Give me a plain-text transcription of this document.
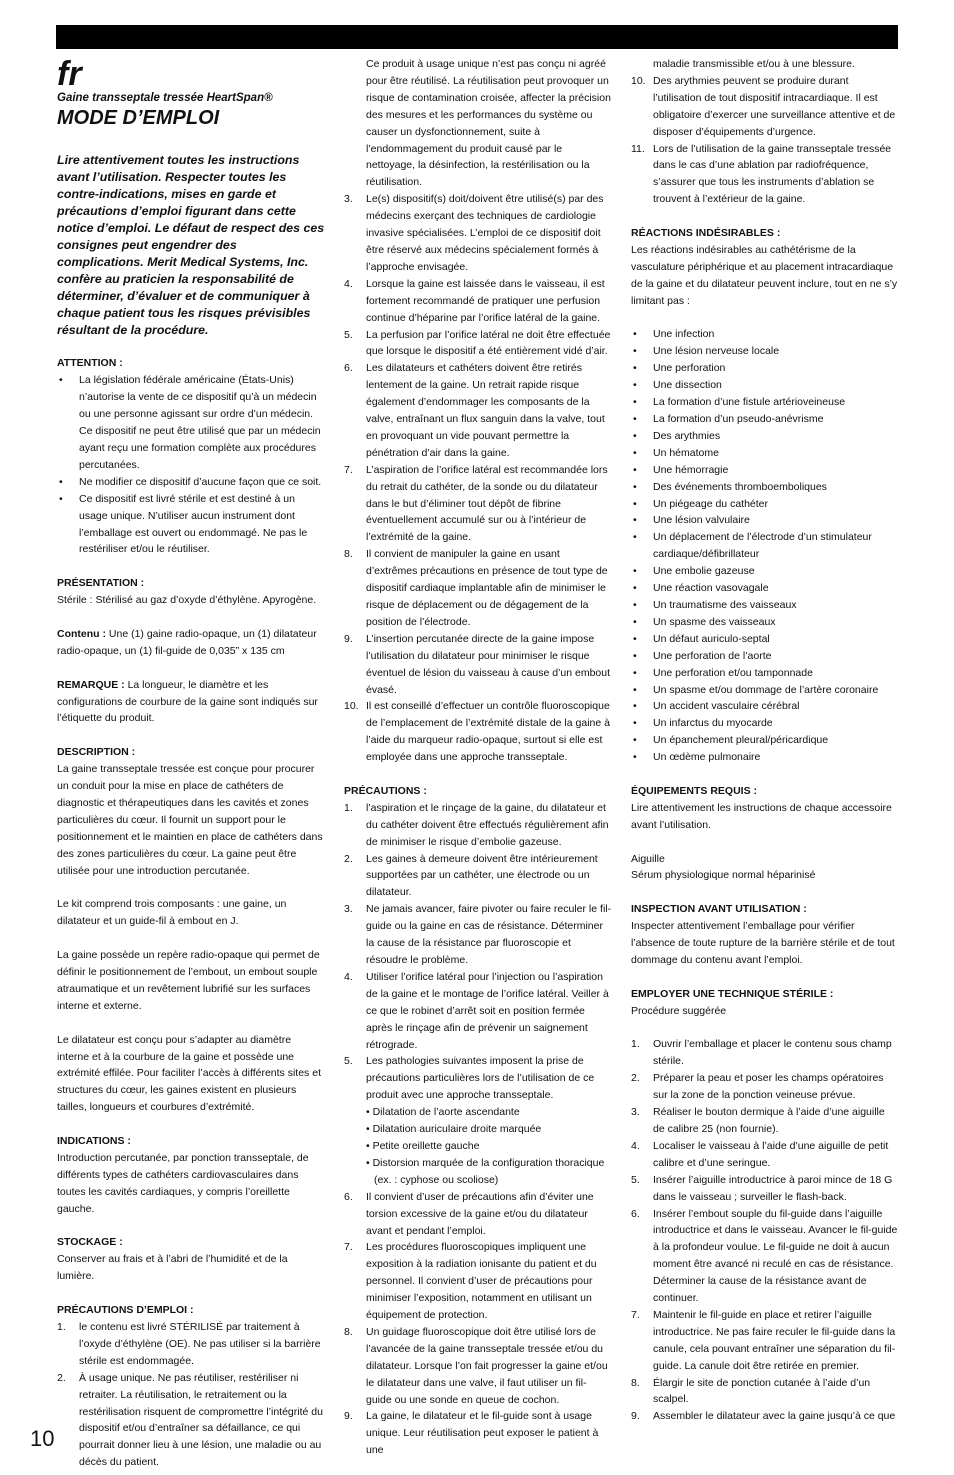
fr
Gaine transseptale tressée HeartSpan®
MODE D’EMPLOI
Lire attentivement toutes les instructions avant l’utilisation. Respecter toutes les contre-indications, mises en garde et précautions d’emploi figurant dans cette notice d’emploi. Le défaut de respect des ces consignes peut engendrer des complications. Merit Medical Systems, Inc. confère au praticien la responsabilité de déterminer, d’évaluer et de communiquer à chaque patient tous les risques prévisibles résultant de la procédure.

ATTENTION :

• La législation fédérale américaine (États-Unis) n’autorise la vente de ce dispositif qu’à un médecin ou une personne agissant sur ordre d’un médecin. Ce dispositif ne peut être utilisé que par un médecin ayant reçu une formation complète aux procédures percutanées.
• Ne modifier ce dispositif d’aucune façon que ce soit.
• Ce dispositif est livré stérile et est destiné à un usage unique. N’utiliser aucun instrument dont l’emballage est ouvert ou endommagé. Ne pas le restériliser et/ou le réutiliser.

PRÉSENTATION :

Stérile : Stérilisé au gaz d’oxyde d’éthylène. Apyrogène.

Contenu : Une (1) gaine radio-opaque, un (1) dilatateur radio-opaque, un (1) fil-guide de 0,035” x 135 cm

REMARQUE : La longueur, le diamètre et les configurations de courbure de la gaine sont indiqués sur l’étiquette du produit.

DESCRIPTION :

La gaine transseptale tressée est conçue pour procurer un conduit pour la mise en place de cathéters de diagnostic et thérapeutiques dans les cavités et zones particulières du cœur. Il fournit un support pour le positionnement et le maintien en place de cathéters dans des zones particulières du cœur. La gaine peut être utilisée pour une introduction percutanée.

Le kit comprend trois composants : une gaine, un dilatateur et un guide-fil à embout en J.

La gaine possède un repère radio-opaque qui permet de définir le positionnement de l’embout, un embout souple atraumatique et un revêtement lubrifié sur les surfaces interne et externe.

Le dilatateur est conçu pour s’adapter au diamètre interne et à la courbure de la gaine et possède une extrémité effilée. Pour faciliter l’accès à différents sites et structures du cœur, les gaines existent en plusieurs tailles, longueurs et courbures d’extrémité.

INDICATIONS :

Introduction percutanée, par ponction transseptale, de différents types de cathéters cardiovasculaires dans toutes les cavités cardiaques, y compris l’oreillette gauche.

STOCKAGE :

Conserver au frais et à l’abri de l’humidité et de la lumière.

PRÉCAUTIONS D’EMPLOI :

1. le contenu est livré STÉRILISÉ par traitement à l’oxyde d’éthylène (OE). Ne pas utiliser si la barrière stérile est endommagée.
2. À usage unique. Ne pas réutiliser, restériliser ni retraiter. La réutilisation, le retraitement ou la restérilisation risquent de compromettre l’intégrité du dispositif et/ou d’entraîner sa défaillance, ce qui pourrait donner lieu à une lésion, une maladie ou au décès du patient.
Ce produit à usage unique n’est pas conçu ni agréé pour être réutilisé. La réutilisation peut provoquer un risque de contamination croisée, affecter la précision des mesures et les performances du système ou causer un dysfonctionnement, suite à l’endommagement du produit causé par le nettoyage, la désinfection, la restérilisation ou la réutilisation.
3. Le(s) dispositif(s) doit/doivent être utilisé(s) par des médecins exerçant des techniques de cardiologie invasive spécialisées. L’emploi de ce dispositif doit être réservé aux médecins spécialement formés à l’approche envisagée.
4. Lorsque la gaine est laissée dans le vaisseau, il est fortement recommandé de pratiquer une perfusion continue d’héparine par l’orifice latéral de la gaine.
5. La perfusion par l’orifice latéral ne doit être effectuée que lorsque le dispositif a été entièrement vidé d’air.
6. Les dilatateurs et cathéters doivent être retirés lentement de la gaine. Un retrait rapide risque également d’endommager les composants de la valve, entraînant un flux sanguin dans la valve, tout en provoquant un vide pouvant permettre la pénétration d’air dans la gaine.
7. L’aspiration de l’orifice latéral est recommandée lors du retrait du cathéter, de la sonde ou du dilatateur dans le but d’éliminer tout dépôt de fibrine éventuellement accumulé sur ou à l’intérieur de l’extrémité de la gaine.
8. Il convient de manipuler la gaine en usant d’extrêmes précautions en présence de tout type de dispositif cardiaque implantable afin de minimiser le risque de déplacement ou de dégagement de la position de l’électrode.
9. L’insertion percutanée directe de la gaine impose l’utilisation du dilatateur pour minimiser le risque éventuel de lésion du vaisseau à cause d’un embout évasé.
10. Il est conseillé d’effectuer un contrôle fluoroscopique de l’emplacement de l’extrémité distale de la gaine à l’aide du marqueur radio-opaque, surtout si elle est employée dans une approche transseptale.

PRÉCAUTIONS :

1. l’aspiration et le rinçage de la gaine, du dilatateur et du cathéter doivent être effectués régulièrement afin de minimiser le risque d’embolie gazeuse.
2. Les gaines à demeure doivent être intérieurement supportées par un cathéter, une électrode ou un dilatateur.
3. Ne jamais avancer, faire pivoter ou faire reculer le fil-guide ou la gaine en cas de résistance. Déterminer la cause de la résistance par fluoroscopie et résoudre le problème.
4. Utiliser l’orifice latéral pour l’injection ou l’aspiration de la gaine et le montage de l’orifice latéral. Veiller à ce que le robinet d’arrêt soit en position fermée après le rinçage afin de prévenir un saignement rétrograde.
5. Les pathologies suivantes imposent la prise de précautions particulières lors de l’utilisation de ce produit avec une approche transseptale.
• Dilatation de l’aorte ascendante
• Dilatation auriculaire droite marquée
• Petite oreillette gauche
• Distorsion marquée de la configuration thoracique
(ex. : cyphose ou scoliose)
6. Il convient d’user de précautions afin d’éviter une torsion excessive de la gaine et/ou du dilatateur avant et pendant l’emploi.
7. Les procédures fluoroscopiques impliquent une exposition à la radiation ionisante du patient et du personnel. Il convient d’user de précautions pour minimiser l’exposition, notamment en utilisant un équipement de protection.
8. Un guidage fluoroscopique doit être utilisé lors de l’avancée de la gaine transseptale tressée et/ou du dilatateur. Lorsque l’on fait progresser la gaine et/ou le dilatateur dans une valve, il faut utiliser un fil-guide ou une sonde en queue de cochon.
9. La gaine, le dilatateur et le fil-guide sont à usage unique. Leur réutilisation peut exposer le patient à une
maladie transmissible et/ou à une blessure.
10. Des arythmies peuvent se produire durant l’utilisation de tout dispositif intracardiaque. Il est obligatoire d’exercer une surveillance attentive et de disposer d’équipements d’urgence.
11. Lors de l’utilisation de la gaine transseptale tressée dans le cas d’une ablation par radiofréquence, s’assurer que tous les instruments d’ablation se trouvent à l’extérieur de la gaine.

RÉACTIONS INDÉSIRABLES :

Les réactions indésirables au cathétérisme de la vasculature périphérique et au placement intracardiaque de la gaine et du dilatateur peuvent inclure, tout en ne s’y limitant pas :

• Une infection
• Une lésion nerveuse locale
• Une perforation
• Une dissection
• La formation d’une fistule artérioveineuse
• La formation d’un pseudo-anévrisme
• Des arythmies
• Un hématome
• Une hémorragie
• Des événements thromboemboliques
• Un piégeage du cathéter
• Une lésion valvulaire
• Un déplacement de l’électrode d’un stimulateur cardiaque/défibrillateur
• Une embolie gazeuse
• Une réaction vasovagale
• Un traumatisme des vaisseaux
• Un spasme des vaisseaux
• Un défaut auriculo-septal
• Une perforation de l’aorte
• Une perforation et/ou tamponnade
• Un spasme et/ou dommage de l’artère coronaire
• Un accident vasculaire cérébral
• Un infarctus du myocarde
• Un épanchement pleural/péricardique
• Un œdème pulmonaire

ÉQUIPEMENTS REQUIS :

Lire attentivement les instructions de chaque accessoire avant l’utilisation.

Aiguille

Sérum physiologique normal héparinisé

INSPECTION AVANT UTILISATION :

Inspecter attentivement l’emballage pour vérifier l’absence de toute rupture de la barrière stérile et de tout dommage du contenu avant l’emploi.

EMPLOYER UNE TECHNIQUE STÉRILE :

Procédure suggérée

1. Ouvrir l’emballage et placer le contenu sous champ stérile.
2. Préparer la peau et poser les champs opératoires sur la zone de la ponction veineuse prévue.
3. Réaliser le bouton dermique à l’aide d’une aiguille de calibre 25 (non fournie).
4. Localiser le vaisseau à l’aide d’une aiguille de petit calibre et d’une seringue.
5. Insérer l’aiguille introductrice à paroi mince de 18 G dans le vaisseau ; surveiller le flash-back.
6. Insérer l’embout souple du fil-guide dans l’aiguille introductrice et dans le vaisseau. Avancer le fil-guide à la profondeur voulue. Le fil-guide ne doit à aucun moment être avancé ni reculé en cas de résistance. Déterminer la cause de la résistance avant de continuer.
7. Maintenir le fil-guide en place et retirer l’aiguille introductrice. Ne pas faire reculer le fil-guide dans la canule, cela pouvant entraîner une séparation du fil-guide. La canule doit être retirée en premier.
8. Élargir le site de ponction cutanée à l’aide d’un scalpel.
9. Assembler le dilatateur avec la gaine jusqu’à ce que
10
